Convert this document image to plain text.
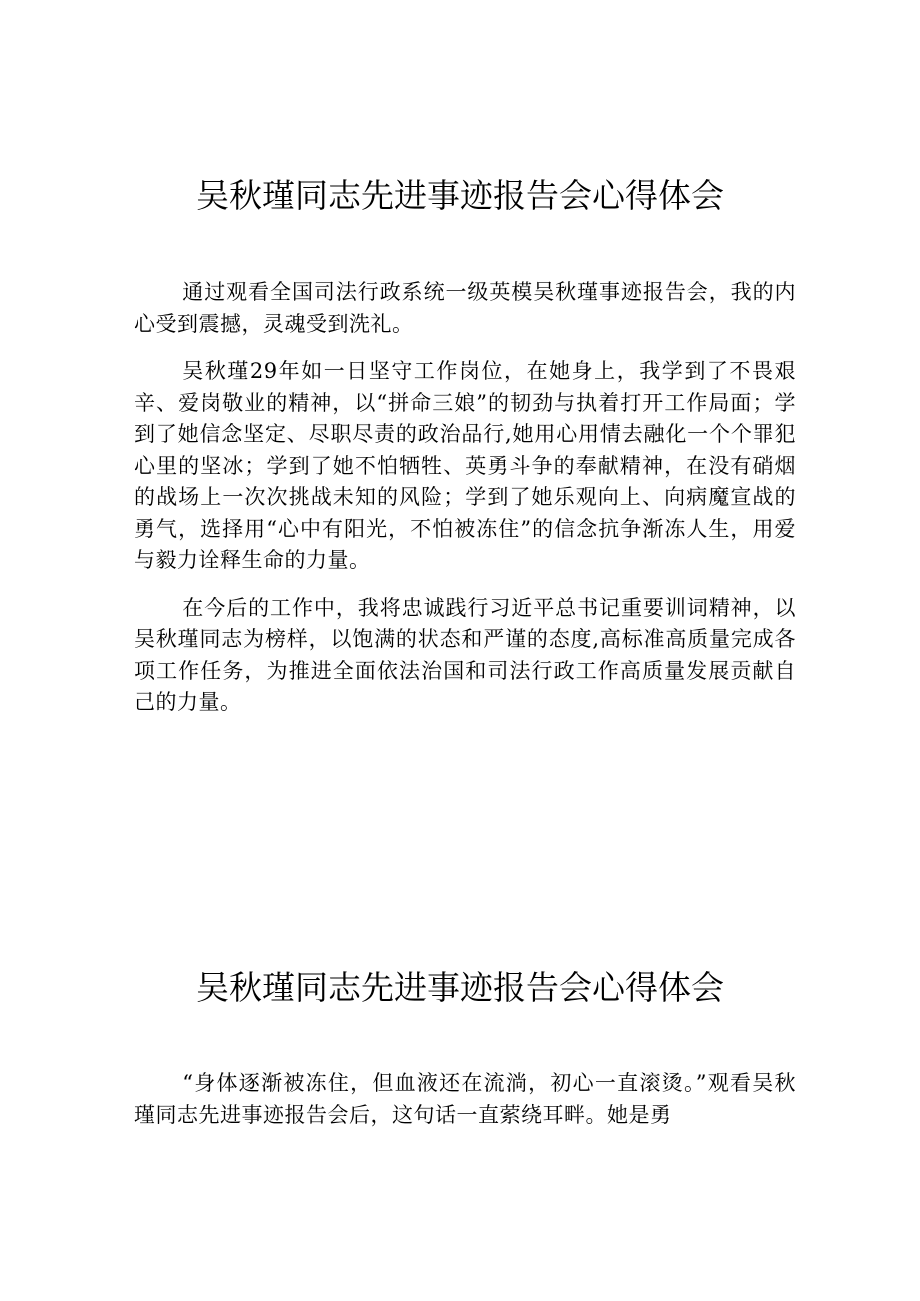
吴秋瑾同志先进事迹报告会心得体会

通过观看全国司法行政系统一级英模吴秋瑾事迹报告会，我的内心受到震撼，灵魂受到洗礼。

吴秋瑾29年如一日坚守工作岗位，在她身上，我学到了不畏艰辛、爱岗敬业的精神，以“拼命三娘”的韧劲与执着打开工作局面；学到了她信念坚定、尽职尽责的政治品行,她用心用情去融化一个个罪犯心里的坚冰；学到了她不怕牺牲、英勇斗争的奉献精神，在没有硝烟的战场上一次次挑战未知的风险；学到了她乐观向上、向病魔宣战的勇气，选择用“心中有阳光，不怕被冻住”的信念抗争渐冻人生，用爱与毅力诠释生命的力量。

在今后的工作中，我将忠诚践行习近平总书记重要训词精神，以吴秋瑾同志为榜样，以饱满的状态和严谨的态度,高标准高质量完成各项工作任务，为推进全面依法治国和司法行政工作高质量发展贡献自己的力量。

吴秋瑾同志先进事迹报告会心得体会

“身体逐渐被冻住，但血液还在流淌，初心一直滚烫。”观看吴秋瑾同志先进事迹报告会后，这句话一直萦绕耳畔。她是勇
